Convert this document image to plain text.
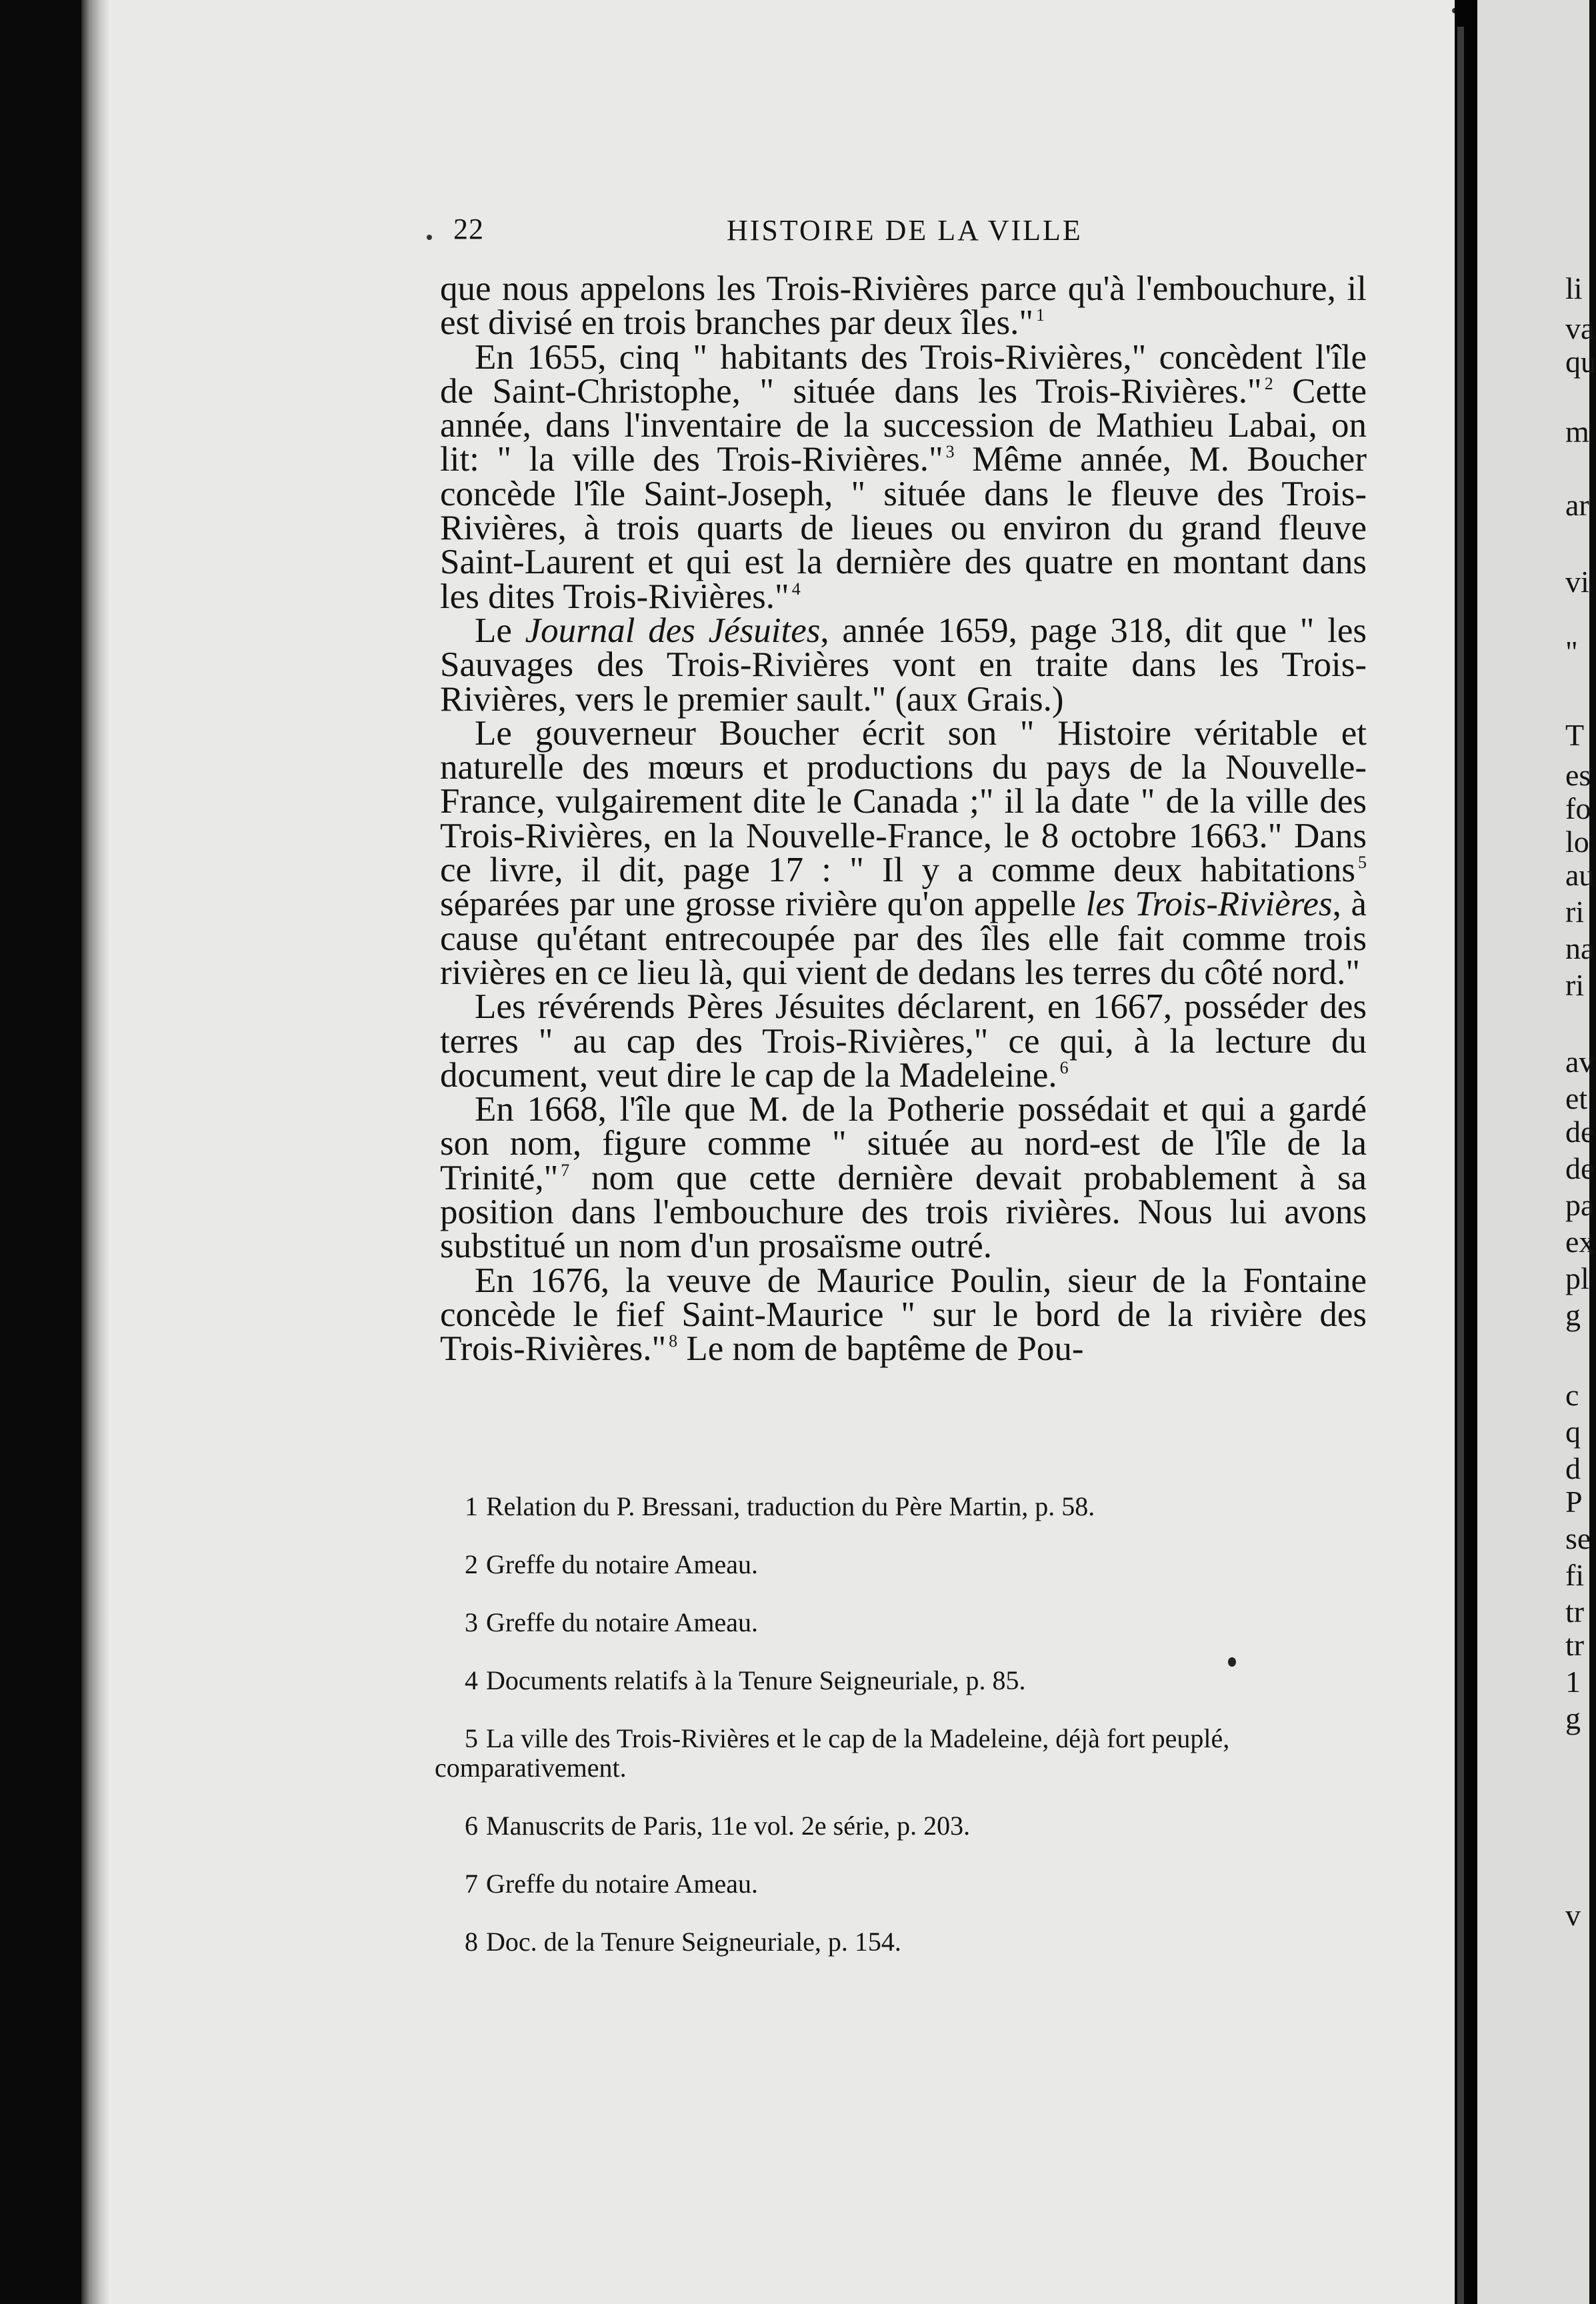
22	HISTOIRE DE LA VILLE

que nous appelons les Trois-Rivières parce qu'à l'embouchure, il est divisé en trois branches par deux îles." $^1$

En 1655, cinq " habitants des Trois-Rivières," concèdent l'île de Saint-Christophe, " située dans les Trois-Rivières." $^2$ Cette année, dans l'inventaire de la succession de Mathieu Labai, on lit: " la ville des Trois-Rivières." $^3$ Même année, M. Boucher concède l'île Saint-Joseph, " située dans le fleuve des Trois-Rivières, à trois quarts de lieues ou environ du grand fleuve Saint-Laurent et qui est la dernière des quatre en montant dans les dites Trois-Rivières." $^4$

Le Journal des Jésuites, année 1659, page 318, dit que " les Sauvages des Trois-Rivières vont en traite dans les Trois-Rivières, vers le premier sault." (aux Grais.)

Le gouverneur Boucher écrit son " Histoire véritable et naturelle des mœurs et productions du pays de la Nouvelle-France, vulgairement dite le Canada ;" il la date " de la ville des Trois-Rivières, en la Nouvelle-France, le 8 octobre 1663." Dans ce livre, il dit, page 17 : " Il y a comme deux habitations $^5$ séparées par une grosse rivière qu'on appelle les Trois-Rivières, à cause qu'étant entrecoupée par des îles elle fait comme trois rivières en ce lieu là, qui vient de dedans les terres du côté nord."

Les révérends Pères Jésuites déclarent, en 1667, posséder des terres " au cap des Trois-Rivières," ce qui, à la lecture du document, veut dire le cap de la Madeleine. $^6$

En 1668, l'île que M. de la Potherie possédait et qui a gardé son nom, figure comme " située au nord-est de l'île de la Trinité," $^7$ nom que cette dernière devait probablement à sa position dans l'embouchure des trois rivières. Nous lui avons substitué un nom d'un prosaïsme outré.

En 1676, la veuve de Maurice Poulin, sieur de la Fontaine concède le fief Saint-Maurice " sur le bord de la rivière des Trois-Rivières." $^8$ Le nom de baptême de Pou-

1 Relation du P. Bressani, traduction du Père Martin, p. 58.
2 Greffe du notaire Ameau.
3 Greffe du notaire Ameau.
4 Documents relatifs à la Tenure Seigneuriale, p. 85.
5 La ville des Trois-Rivières et le cap de la Madeleine, déjà fort peuplé, comparativement.
6 Manuscrits de Paris, 11e vol. 2e série, p. 203.
7 Greffe du notaire Ameau.
8 Doc. de la Tenure Seigneuriale, p. 154.
li
va
qu
m
ar
vi
"
T
es
fo
lo
au
ri
na
ri
av
et
de
de
pa
ex
pl
g
c
q
d
P
se
fi
tr
tr
1
g
v
